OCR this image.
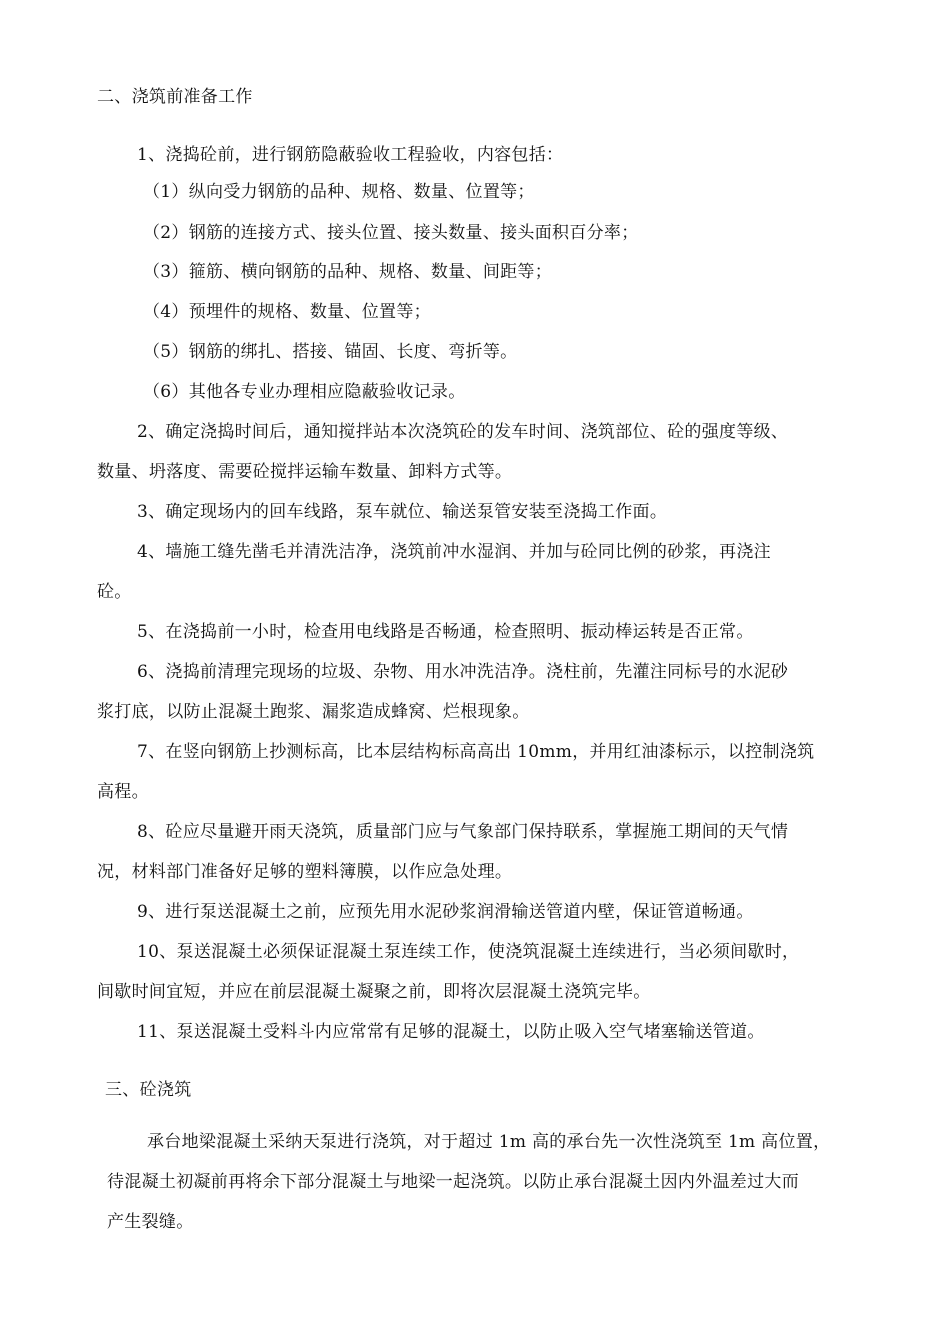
二、浇筑前准备工作
1、浇捣砼前，进行钢筋隐蔽验收工程验收，内容包括：
（1）纵向受力钢筋的品种、规格、数量、位置等；
（2）钢筋的连接方式、接头位置、接头数量、接头面积百分率；
（3）箍筋、横向钢筋的品种、规格、数量、间距等；
（4）预埋件的规格、数量、位置等；
（5）钢筋的绑扎、搭接、锚固、长度、弯折等。
（6）其他各专业办理相应隐蔽验收记录。
2、确定浇捣时间后，通知搅拌站本次浇筑砼的发车时间、浇筑部位、砼的强度等级、
数量、坍落度、需要砼搅拌运输车数量、卸料方式等。
3、确定现场内的回车线路，泵车就位、输送泵管安装至浇捣工作面。
4、墙施工缝先凿毛并清洗洁净，浇筑前冲水湿润、并加与砼同比例的砂浆，再浇注
砼。
5、在浇捣前一小时，检查用电线路是否畅通，检查照明、振动棒运转是否正常。
6、浇捣前清理完现场的垃圾、杂物、用水冲洗洁净。浇柱前，先灌注同标号的水泥砂
浆打底，以防止混凝土跑浆、漏浆造成蜂窝、烂根现象。
7、在竖向钢筋上抄测标高，比本层结构标高高出 10mm，并用红油漆标示，以控制浇筑
高程。
8、砼应尽量避开雨天浇筑，质量部门应与气象部门保持联系，掌握施工期间的天气情
况，材料部门准备好足够的塑料簿膜，以作应急处理。
9、进行泵送混凝土之前，应预先用水泥砂浆润滑输送管道内壁，保证管道畅通。
10、泵送混凝土必须保证混凝土泵连续工作，使浇筑混凝土连续进行，当必须间歇时，
间歇时间宜短，并应在前层混凝土凝聚之前，即将次层混凝土浇筑完毕。
11、泵送混凝土受料斗内应常常有足够的混凝土，以防止吸入空气堵塞输送管道。
三、砼浇筑
承台地梁混凝土采纳天泵进行浇筑，对于超过 1m 高的承台先一次性浇筑至 1m 高位置，
待混凝土初凝前再将余下部分混凝土与地梁一起浇筑。以防止承台混凝土因内外温差过大而
产生裂缝。
